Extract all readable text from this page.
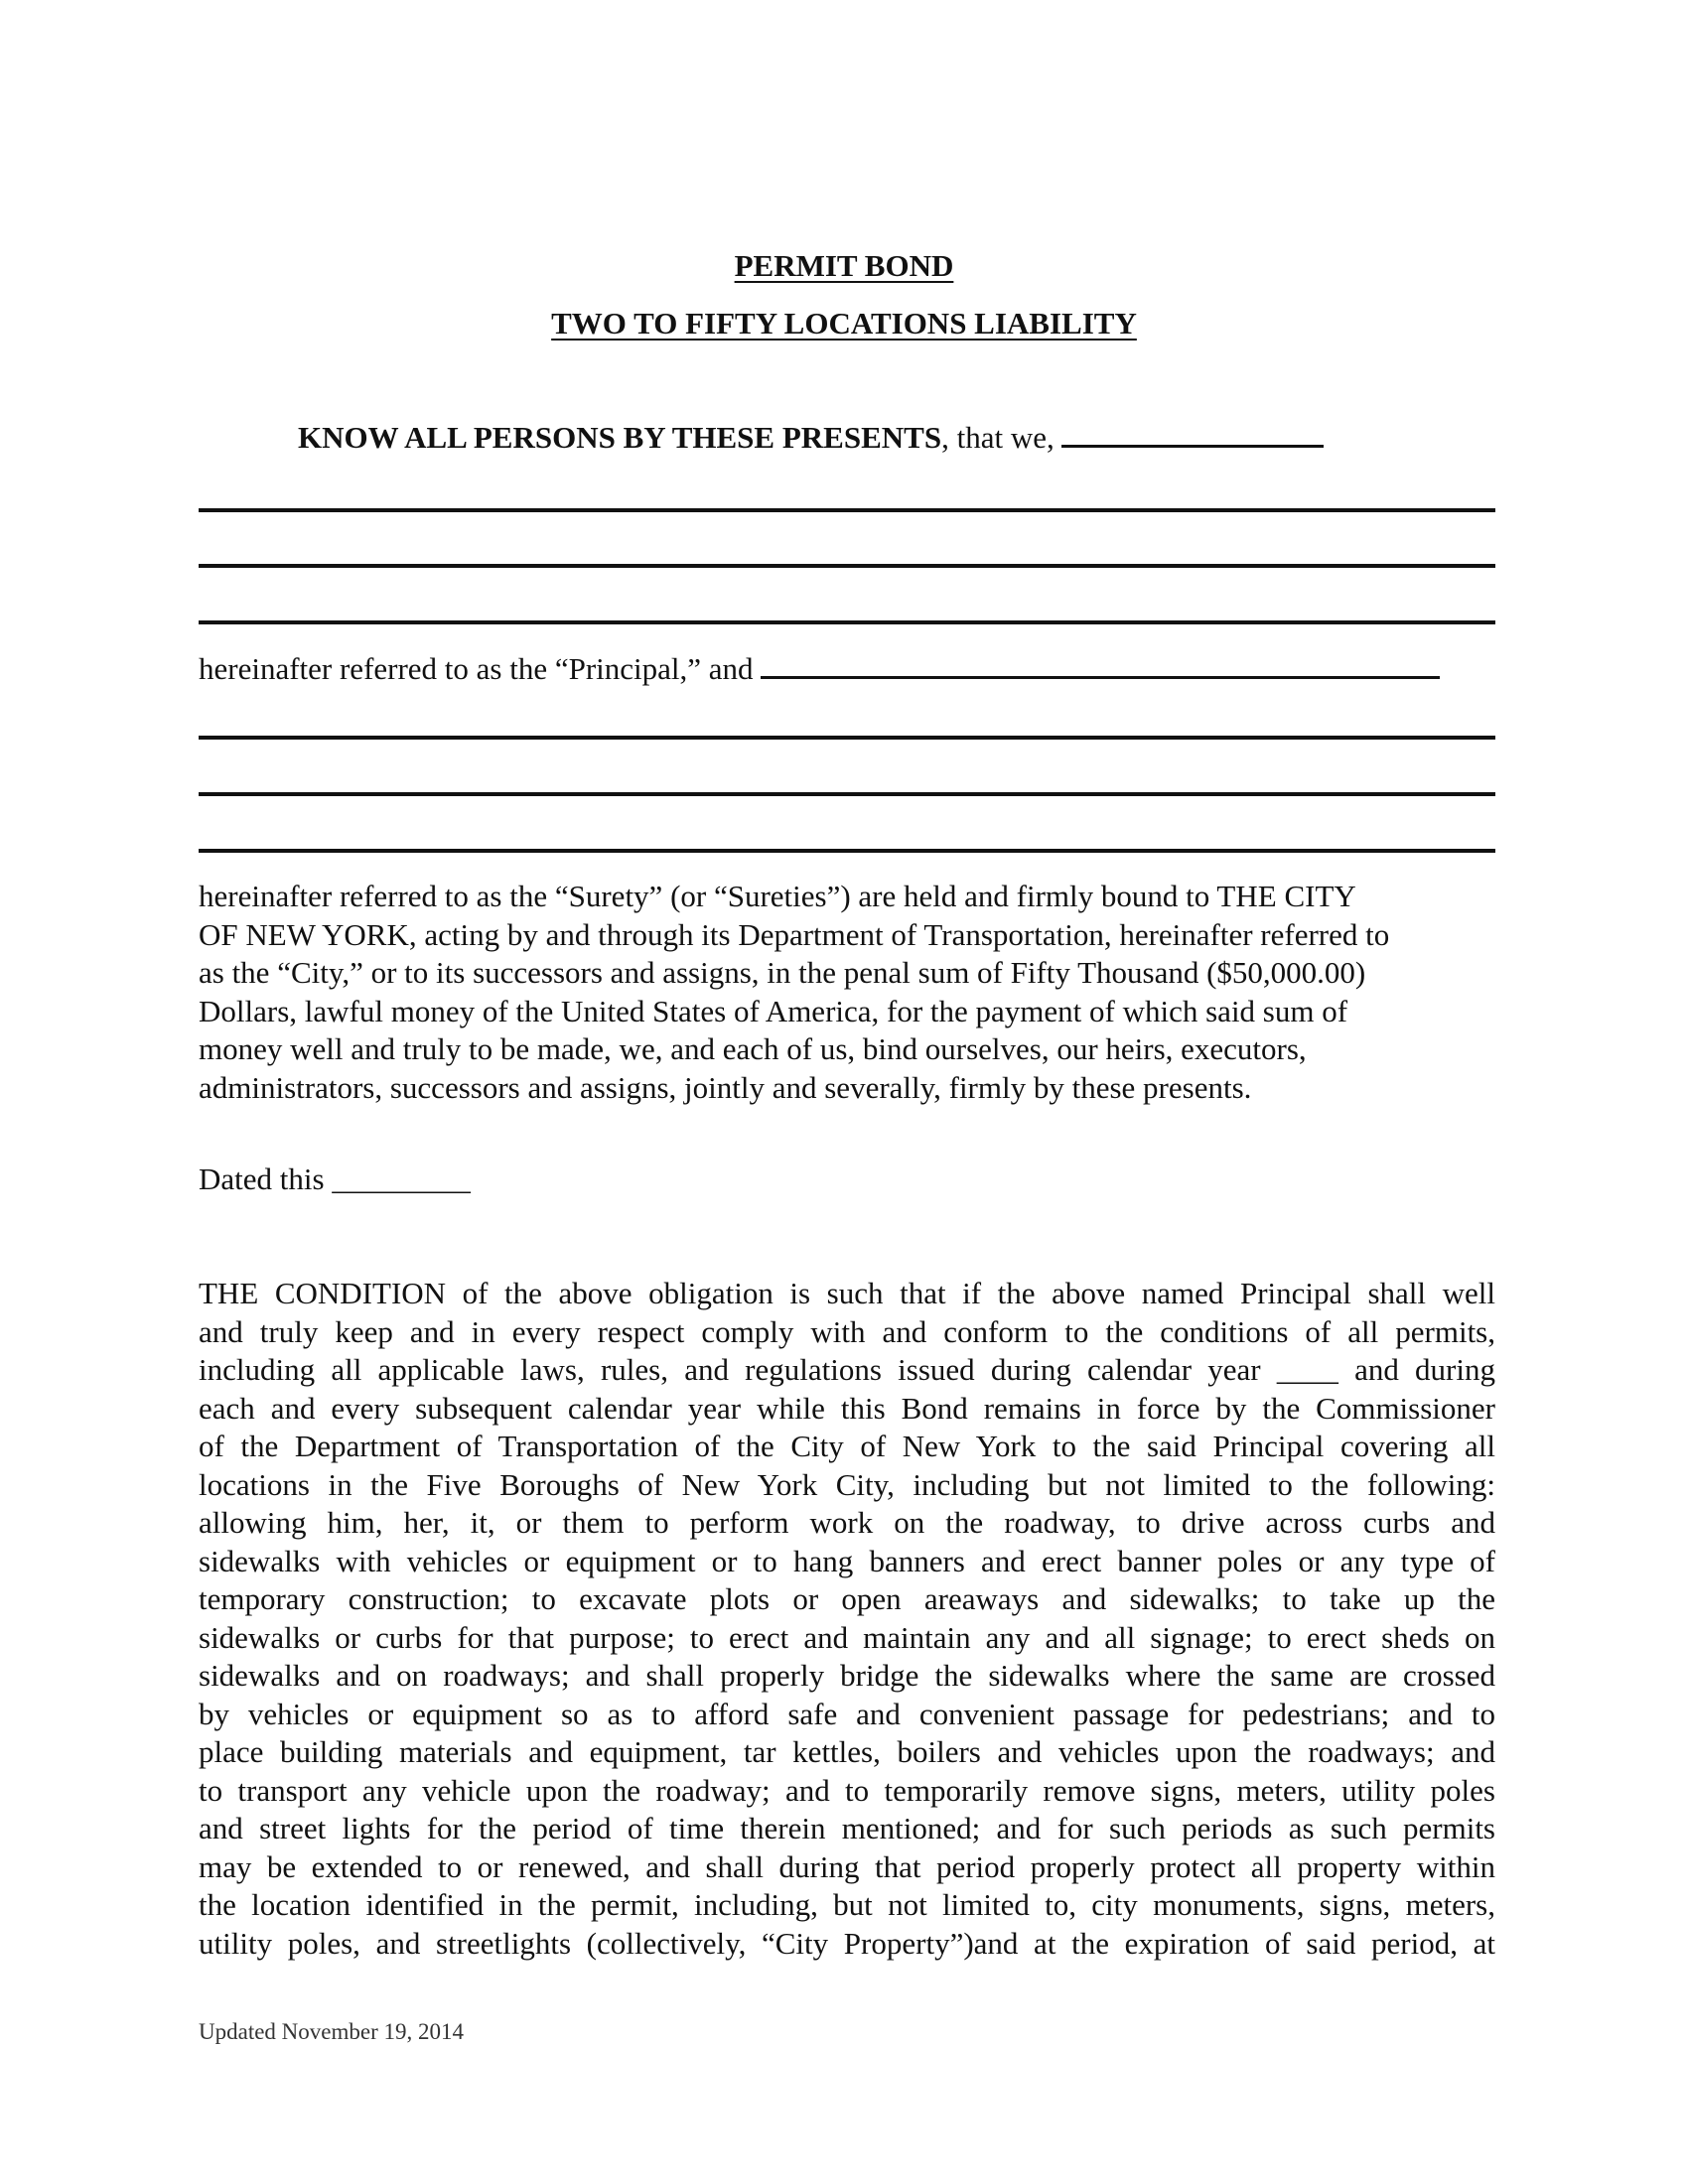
PERMIT BOND
TWO TO FIFTY LOCATIONS LIABILITY
KNOW ALL PERSONS BY THESE PRESENTS, that we,
hereinafter referred to as the “Principal,” and

hereinafter referred to as the “Surety” (or “Sureties”) are held and firmly bound to THE CITY

OF NEW YORK, acting by and through its Department of Transportation, hereinafter referred to

as the “City,” or to its successors and assigns, in the penal sum of Fifty Thousand ($50,000.00)

Dollars, lawful money of the United States of America, for the payment of which said sum of

money well and truly to be made, we, and each of us, bind ourselves, our heirs, executors,

administrators, successors and assigns, jointly and severally, firmly by these presents.

Dated this _________

THE CONDITION of the above obligation is such that if the above named Principal shall well

and truly keep and in every respect comply with and conform to the conditions of all permits,

including all applicable laws, rules, and regulations issued during calendar year ____ and during

each and every subsequent calendar year while this Bond remains in force by the Commissioner

of the Department of Transportation of the City of New York to the said Principal covering all

locations in the Five Boroughs of New York City, including but not limited to the following:

allowing him, her, it, or them to perform work on the roadway, to drive across curbs and

sidewalks with vehicles or equipment or to hang banners and erect banner poles or any type of

temporary construction; to excavate plots or open areaways and sidewalks; to take up the

sidewalks or curbs for that purpose; to erect and maintain any and all signage; to erect sheds on

sidewalks and on roadways; and shall properly bridge the sidewalks where the same are crossed

by vehicles or equipment so as to afford safe and convenient passage for pedestrians; and to

place building materials and equipment, tar kettles, boilers and vehicles upon the roadways; and

to transport any vehicle upon the roadway; and to temporarily remove signs, meters, utility poles

and street lights for the period of time therein mentioned; and for such periods as such permits

may be extended to or renewed, and shall during that period properly protect all property within

the location identified in the permit, including, but not limited to, city monuments, signs, meters,

utility poles, and streetlights (collectively, “City Property”)and at the expiration of said period, at

Updated November 19, 2014
